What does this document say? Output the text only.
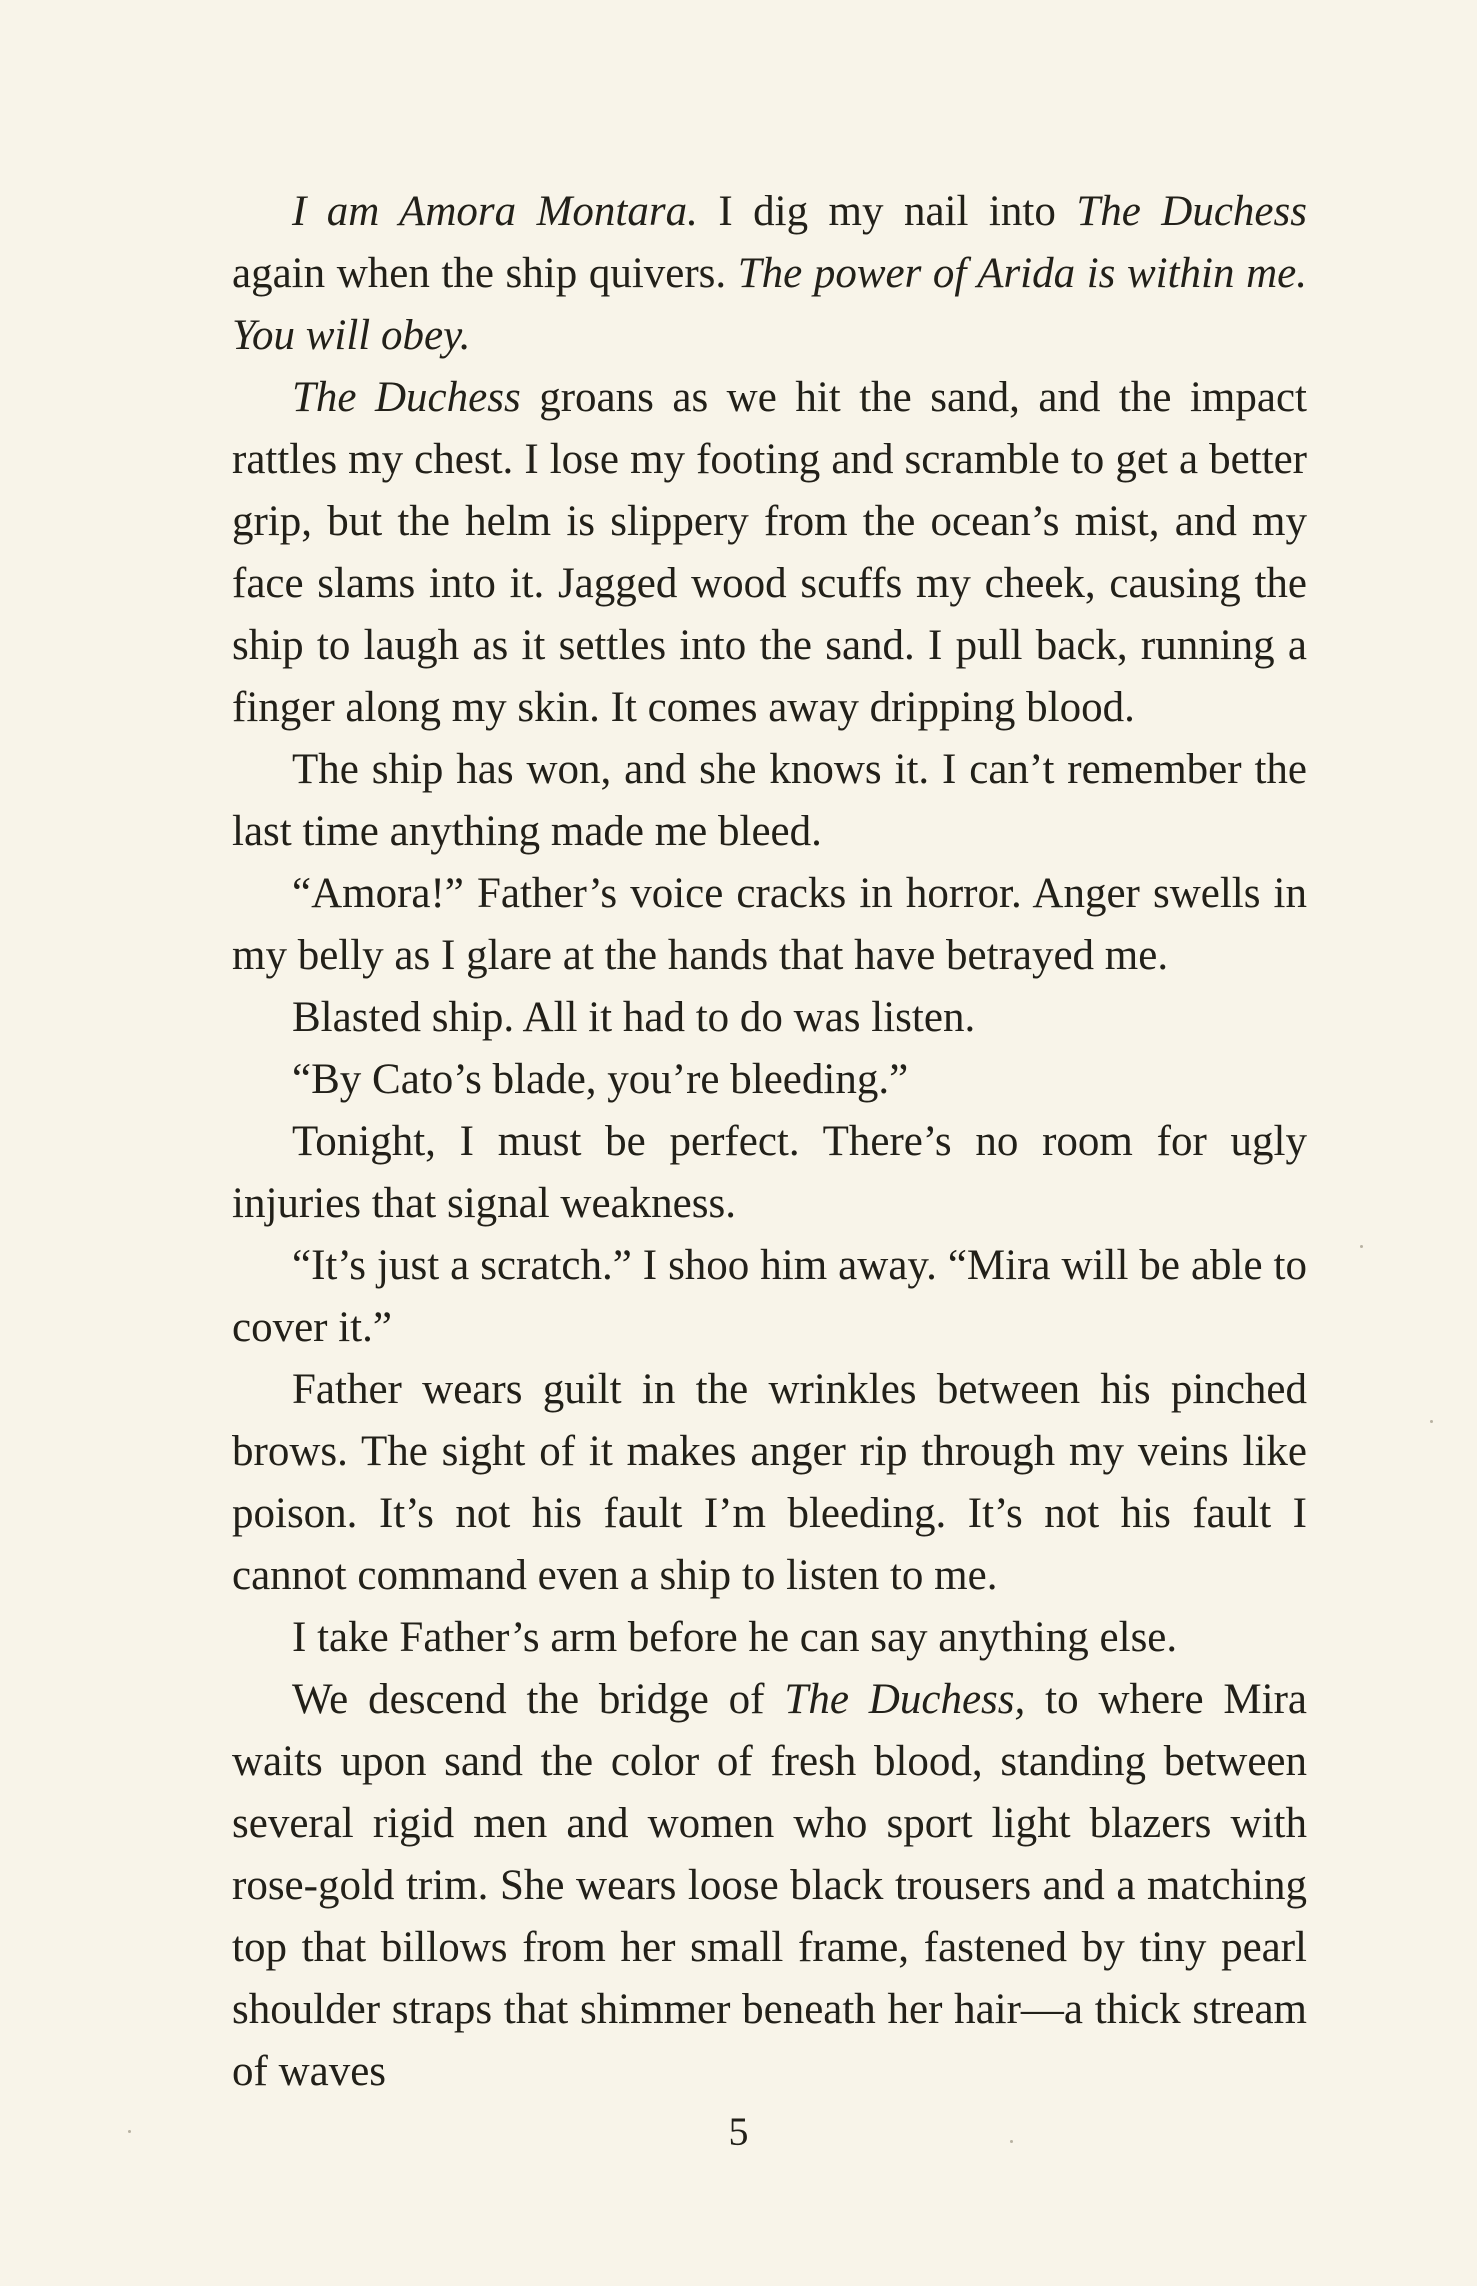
I am Amora Montara. I dig my nail into The Duchess again when the ship quivers. The power of Arida is within me. You will obey.

The Duchess groans as we hit the sand, and the impact rattles my chest. I lose my footing and scramble to get a better grip, but the helm is slippery from the ocean’s mist, and my face slams into it. Jagged wood scuffs my cheek, causing the ship to laugh as it settles into the sand. I pull back, running a finger along my skin. It comes away dripping blood.

The ship has won, and she knows it. I can’t remember the last time anything made me bleed.

“Amora!” Father’s voice cracks in horror. Anger swells in my belly as I glare at the hands that have betrayed me.

Blasted ship. All it had to do was listen.

“By Cato’s blade, you’re bleeding.”

Tonight, I must be perfect. There’s no room for ugly injuries that signal weakness.

“It’s just a scratch.” I shoo him away. “Mira will be able to cover it.”

Father wears guilt in the wrinkles between his pinched brows. The sight of it makes anger rip through my veins like poison. It’s not his fault I’m bleeding. It’s not his fault I cannot command even a ship to listen to me.

I take Father’s arm before he can say anything else.

We descend the bridge of The Duchess, to where Mira waits upon sand the color of fresh blood, standing between several rigid men and women who sport light blazers with rose-gold trim. She wears loose black trousers and a matching top that billows from her small frame, fastened by tiny pearl shoulder straps that shimmer beneath her hair—a thick stream of waves

5
